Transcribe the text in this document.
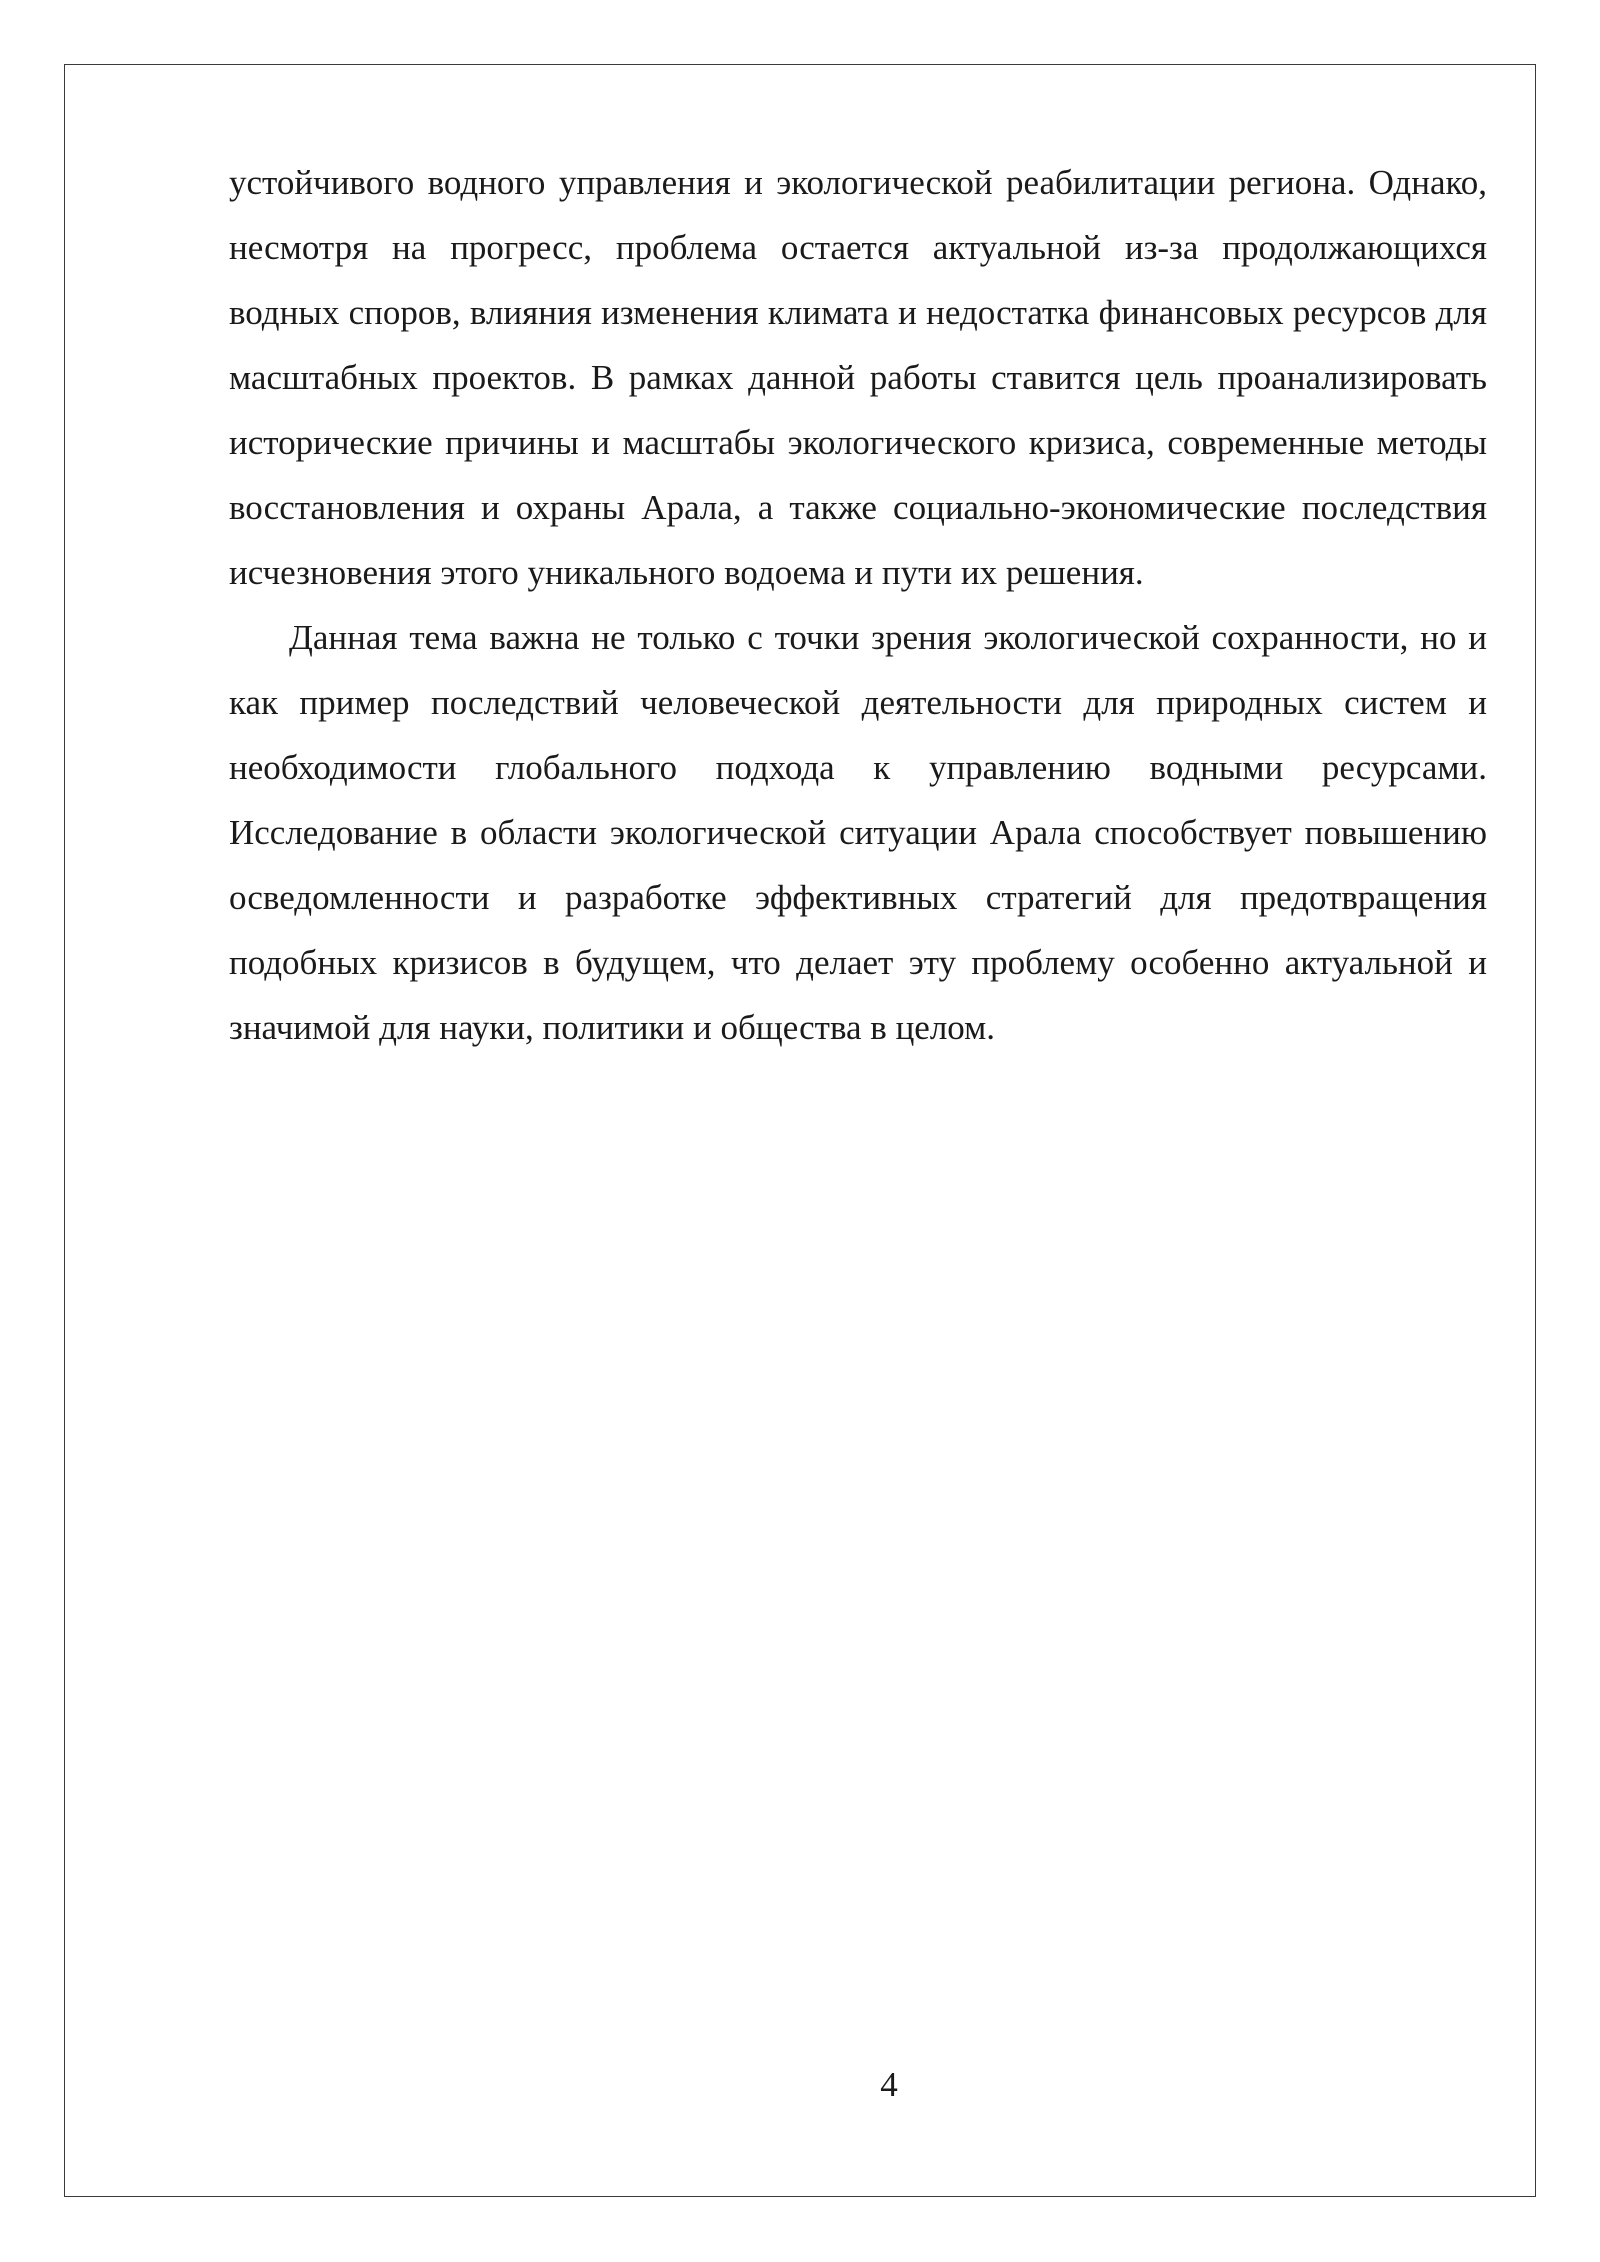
устойчивого водного управления и экологической реабилитации региона. Однако, несмотря на прогресс, проблема остается актуальной из-за продолжающихся водных споров, влияния изменения климата и недостатка финансовых ресурсов для масштабных проектов. В рамках данной работы ставится цель проанализировать исторические причины и масштабы экологического кризиса, современные методы восстановления и охраны Арала, а также социально-экономические последствия исчезновения этого уникального водоема и пути их решения.

Данная тема важна не только с точки зрения экологической сохранности, но и как пример последствий человеческой деятельности для природных систем и необходимости глобального подхода к управлению водными ресурсами. Исследование в области экологической ситуации Арала способствует повышению осведомленности и разработке эффективных стратегий для предотвращения подобных кризисов в будущем, что делает эту проблему особенно актуальной и значимой для науки, политики и общества в целом.

4
